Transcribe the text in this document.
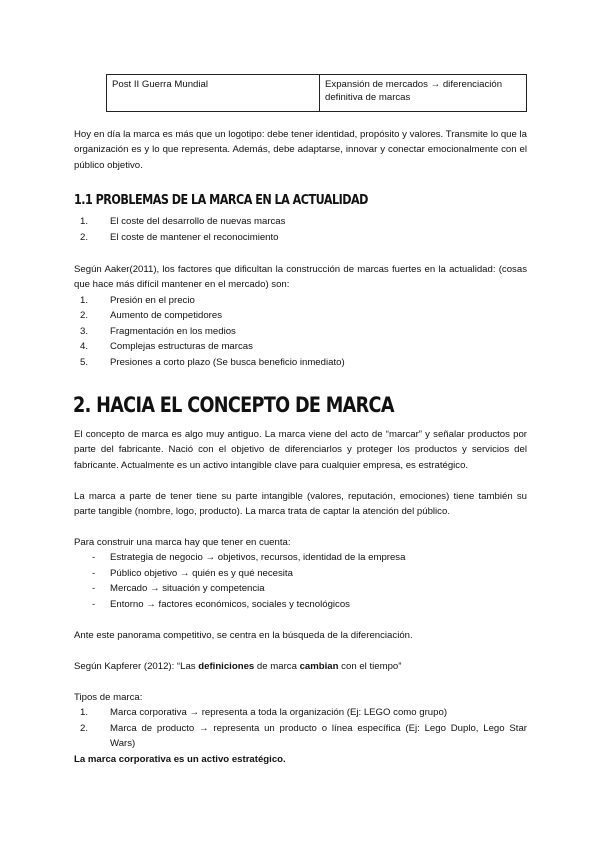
Post II Guerra Mundial	Expansión de mercados → diferenciación definitiva de marcas
Hoy en día la marca es más que un logotipo: debe tener identidad, propósito y valores. Transmite lo que la organización es y lo que representa. Además, debe adaptarse, innovar y conectar emocionalmente con el público objetivo.
1.1 PROBLEMAS DE LA MARCA EN LA ACTUALIDAD
1. El coste del desarrollo de nuevas marcas
2. El coste de mantener el reconocimiento
Según Aaker(2011), los factores que dificultan la construcción de marcas fuertes en la actualidad: (cosas que hace más difícil mantener en el mercado) son:
1. Presión en el precio
2. Aumento de competidores
3. Fragmentación en los medios
4. Complejas estructuras de marcas
5. Presiones a corto plazo (Se busca beneficio inmediato)
2. HACIA EL CONCEPTO DE MARCA
El concepto de marca es algo muy antiguo. La marca viene del acto de “marcar” y señalar productos por parte del fabricante. Nació con el objetivo de diferenciarlos y proteger los productos y servicios del fabricante. Actualmente es un activo intangible clave para cualquier empresa, es estratégico.
La marca a parte de tener tiene su parte intangible (valores, reputación, emociones) tiene también su parte tangible (nombre, logo, producto). La marca trata de captar la atención del público.
Para construir una marca hay que tener en cuenta:
-	Estrategia de negocio → objetivos, recursos, identidad de la empresa
-	Público objetivo → quién es y qué necesita
-	Mercado → situación y competencia
-	Entorno → factores económicos, sociales y tecnológicos
Ante este panorama competitivo, se centra en la búsqueda de la diferenciación.
Según Kapferer (2012): “Las definiciones de marca cambian con el tiempo”
Tipos de marca:
1. Marca corporativa → representa a toda la organización (Ej: LEGO como grupo)
2. Marca de producto → representa un producto o línea específica (Ej: Lego Duplo, Lego Star
Wars)
La marca corporativa es un activo estratégico.
